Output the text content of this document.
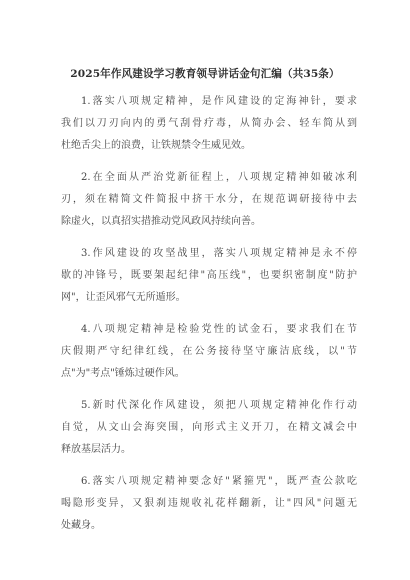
2025年作风建设学习教育领导讲话金句汇编（共35条）

1.落实八项规定精神，是作风建设的定海神针，要求
我们以刀刃向内的勇气刮骨疗毒，从简办会、轻车简从到
杜绝舌尖上的浪费，让铁规禁令生威见效。

2.在全面从严治党新征程上，八项规定精神如破冰利
刃，须在精简文件简报中挤干水分，在规范调研接待中去
除虚火，以真招实措推动党风政风持续向善。

3.作风建设的攻坚战里，落实八项规定精神是永不停
歇的冲锋号，既要架起纪律"高压线"，也要织密制度"防护
网"，让歪风邪气无所遁形。

4.八项规定精神是检验党性的试金石，要求我们在节
庆假期严守纪律红线，在公务接待坚守廉洁底线，以"节
点"为"考点"锤炼过硬作风。

5.新时代深化作风建设，须把八项规定精神化作行动
自觉，从文山会海突围，向形式主义开刀，在精文减会中
释放基层活力。

6.落实八项规定精神要念好"紧箍咒"，既严查公款吃
喝隐形变异，又狠刹违规收礼花样翻新，让"四风"问题无
处藏身。
